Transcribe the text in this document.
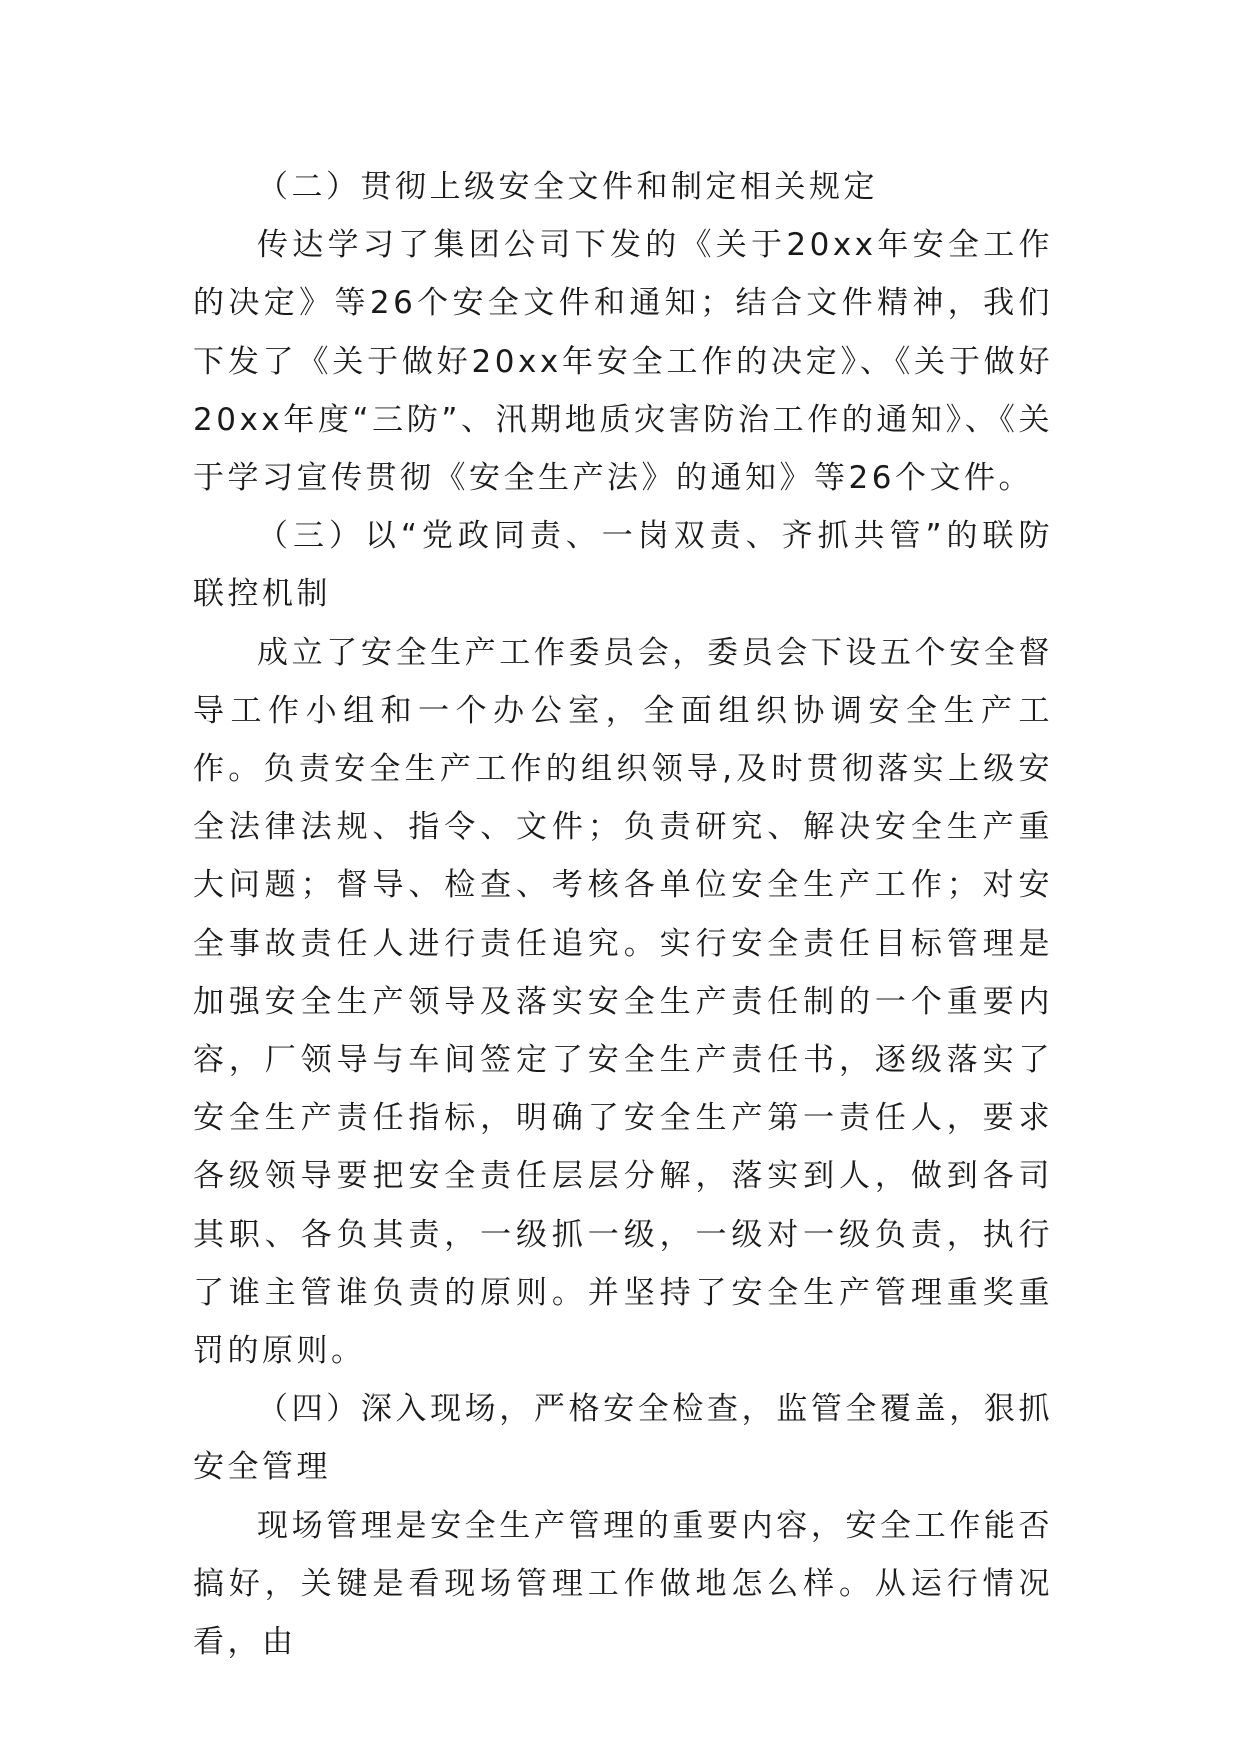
（二）贯彻上级安全文件和制定相关规定

传达学习了集团公司下发的《关于20xx年安全工作的决定》等26个安全文件和通知；结合文件精神，我们下发了《关于做好20xx年安全工作的决定》、《关于做好20xx年度“三防”、汛期地质灾害防治工作的通知》、《关于学习宣传贯彻《安全生产法》的通知》等26个文件。

（三）以“党政同责、一岗双责、齐抓共管”的联防联控机制

成立了安全生产工作委员会，委员会下设五个安全督导工作小组和一个办公室，全面组织协调安全生产工作。负责安全生产工作的组织领导,及时贯彻落实上级安全法律法规、指令、文件；负责研究、解决安全生产重大问题；督导、检查、考核各单位安全生产工作；对安全事故责任人进行责任追究。实行安全责任目标管理是加强安全生产领导及落实安全生产责任制的一个重要内容，厂领导与车间签定了安全生产责任书，逐级落实了安全生产责任指标，明确了安全生产第一责任人，要求各级领导要把安全责任层层分解，落实到人，做到各司其职、各负其责，一级抓一级，一级对一级负责，执行了谁主管谁负责的原则。并坚持了安全生产管理重奖重罚的原则。

（四）深入现场，严格安全检查，监管全覆盖，狠抓安全管理

现场管理是安全生产管理的重要内容，安全工作能否搞好，关键是看现场管理工作做地怎么样。从运行情况看，由
